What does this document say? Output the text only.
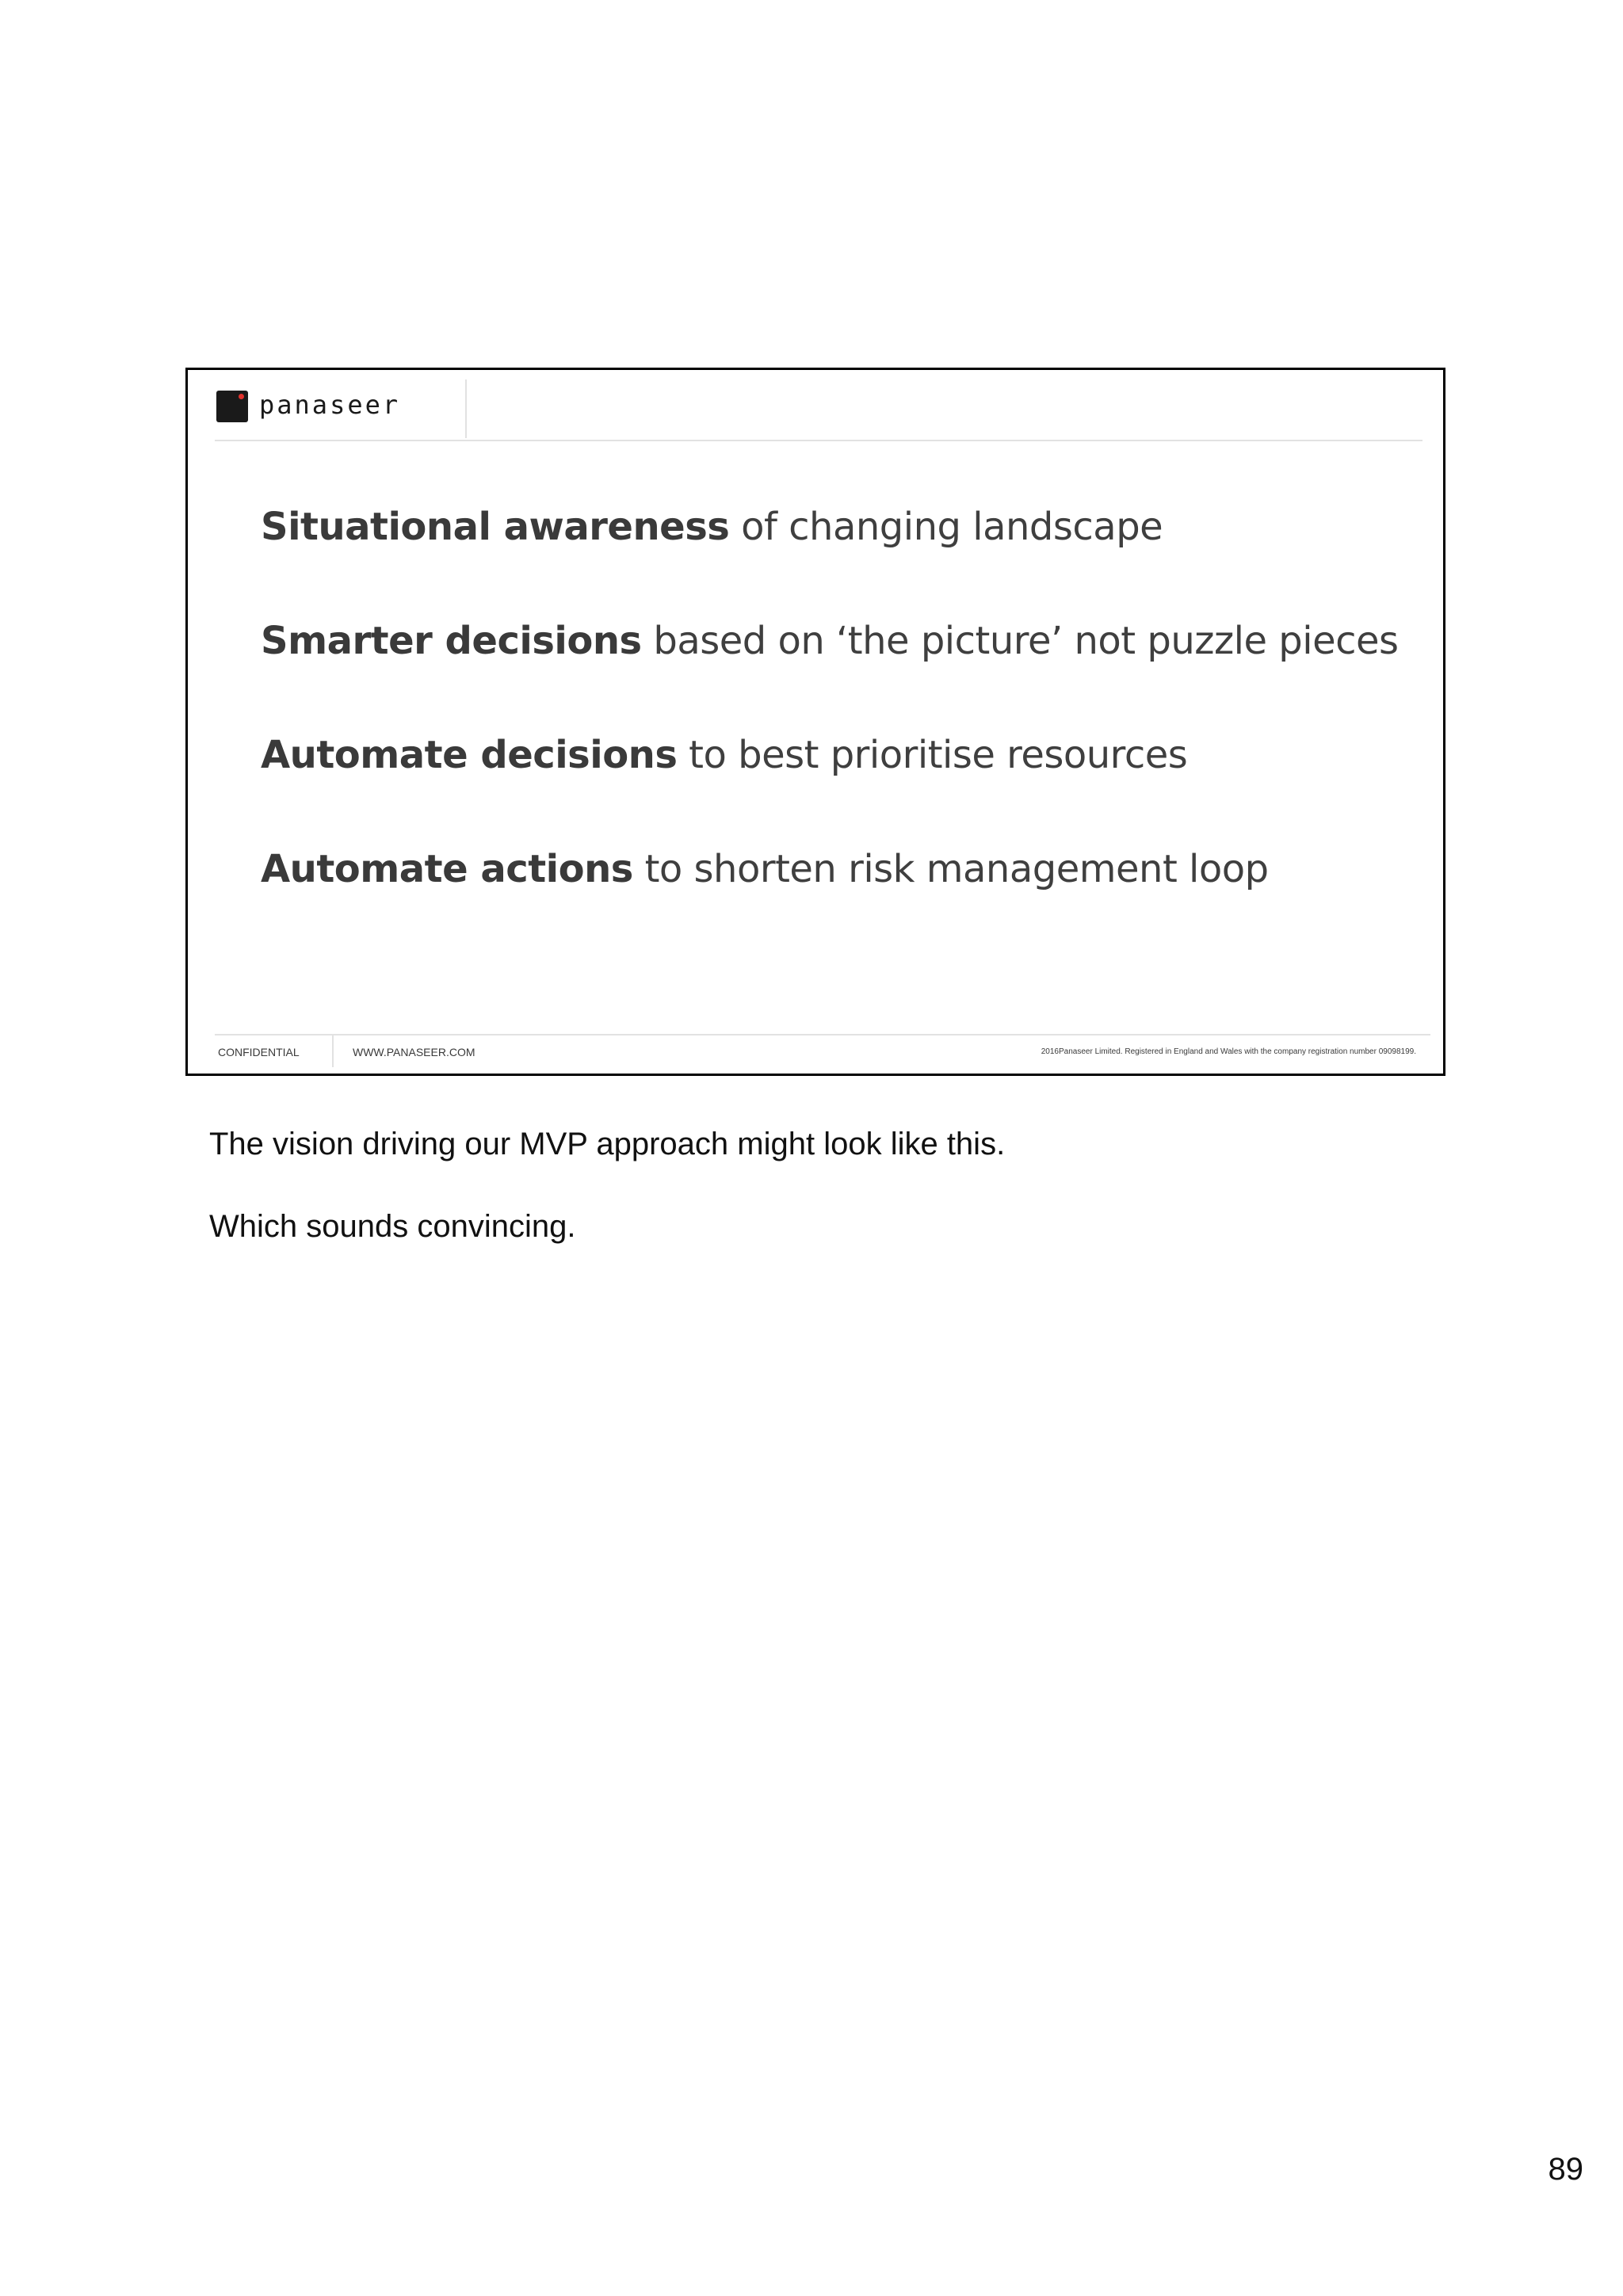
panaseer
Situational awareness of changing landscape
Smarter decisions based on ‘the picture’ not puzzle pieces
Automate decisions to best prioritise resources
Automate actions to shorten risk management loop
CONFIDENTIAL	WWW.PANASEER.COM	2016Panaseer Limited. Registered in England and Wales with the company registration number 09098199.

The vision driving our MVP approach might look like this.

Which sounds convincing.

89
